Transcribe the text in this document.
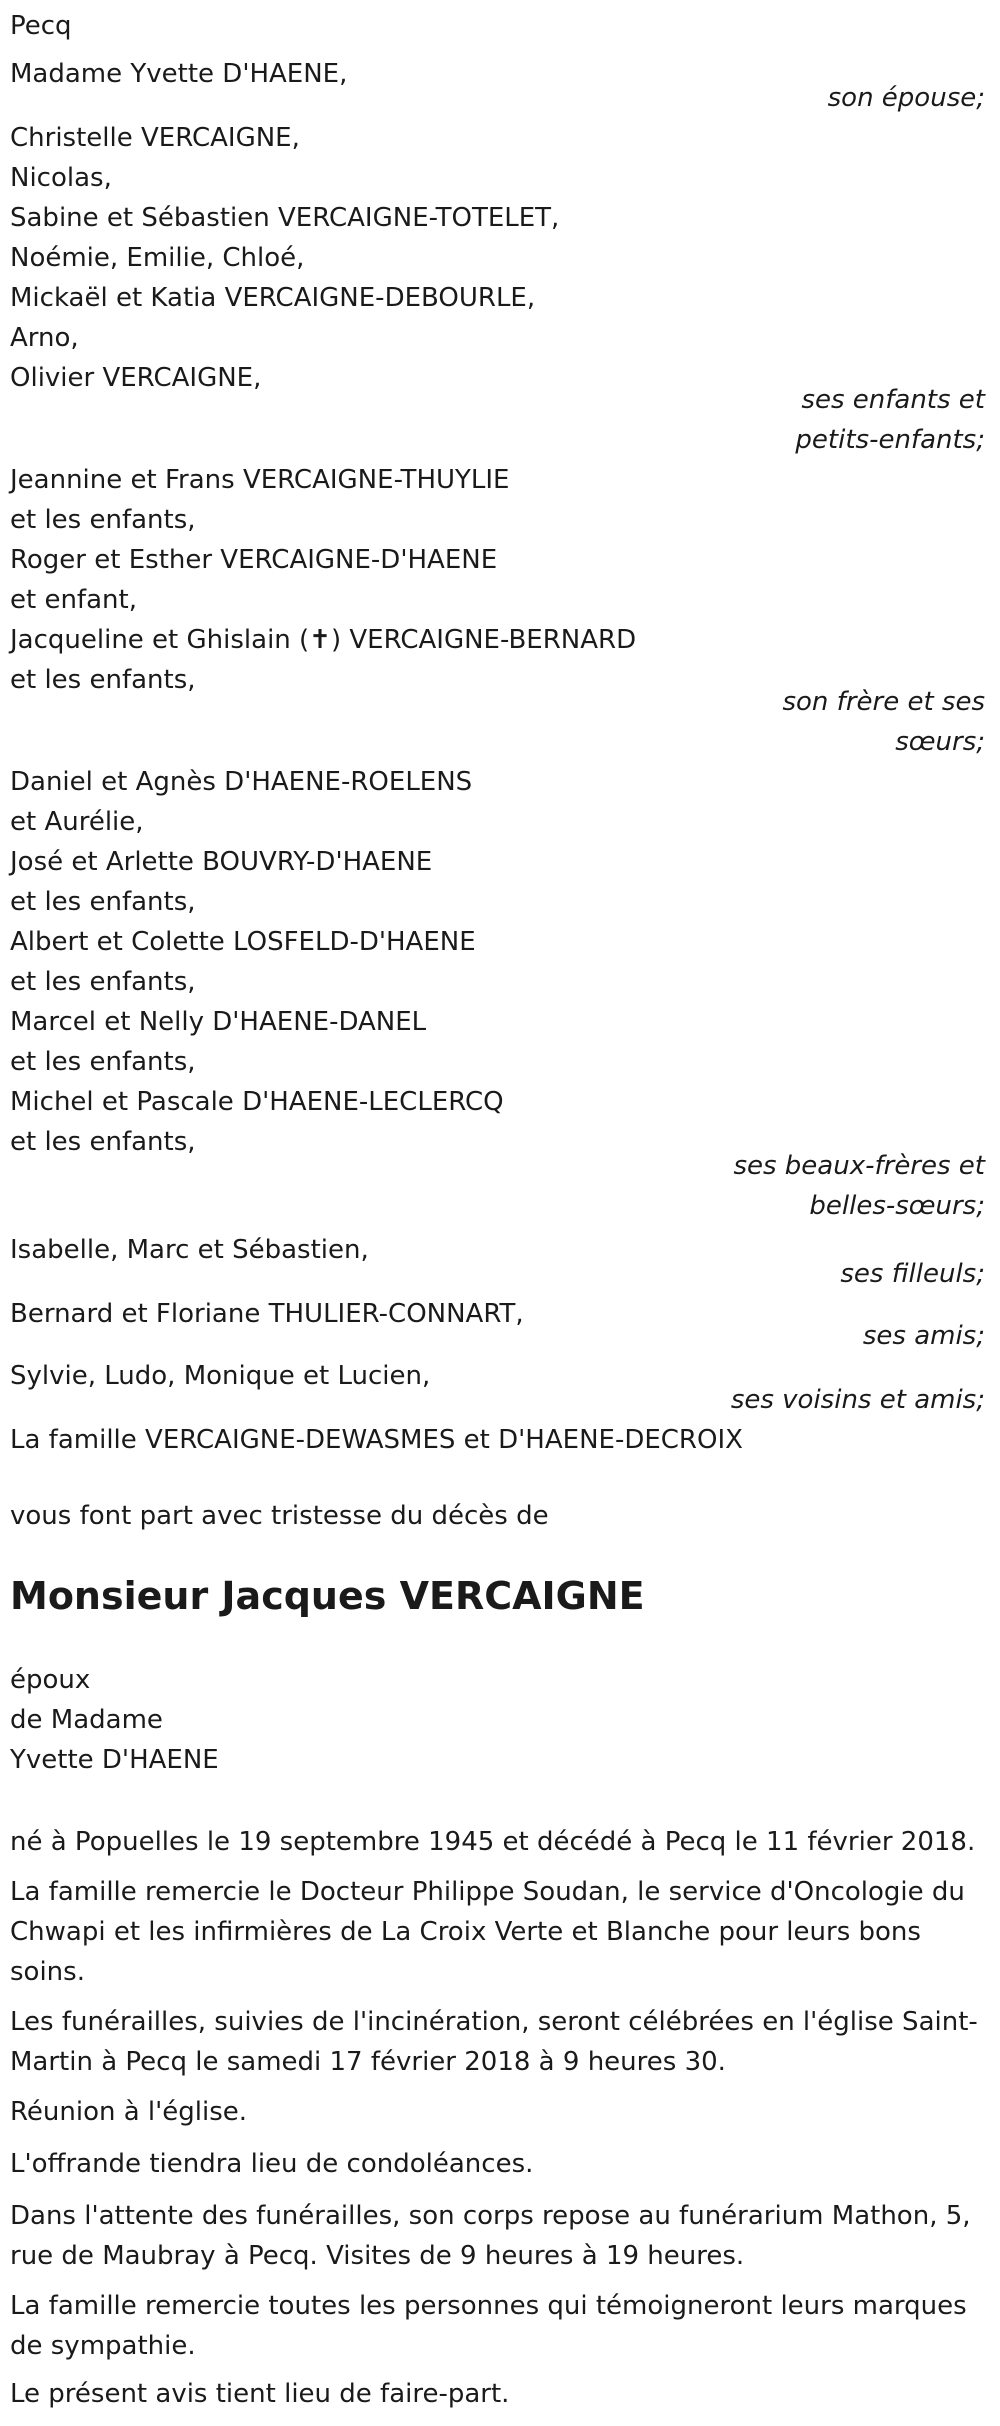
Pecq
Madame Yvette D'HAENE,
son épouse;
Christelle VERCAIGNE,
Nicolas,
Sabine et Sébastien VERCAIGNE-TOTELET,
Noémie, Emilie, Chloé,
Mickaël et Katia VERCAIGNE-DEBOURLE,
Arno,
Olivier VERCAIGNE,
ses enfants et
petits-enfants;
Jeannine et Frans VERCAIGNE-THUYLIE
et les enfants,
Roger et Esther VERCAIGNE-D'HAENE
et enfant,
Jacqueline et Ghislain (✝) VERCAIGNE-BERNARD
et les enfants,
son frère et ses
sœurs;
Daniel et Agnès D'HAENE-ROELENS
et Aurélie,
José et Arlette BOUVRY-D'HAENE
et les enfants,
Albert et Colette LOSFELD-D'HAENE
et les enfants,
Marcel et Nelly D'HAENE-DANEL
et les enfants,
Michel et Pascale D'HAENE-LECLERCQ
et les enfants,
ses beaux-frères et
belles-sœurs;
Isabelle, Marc et Sébastien,
ses filleuls;
Bernard et Floriane THULIER-CONNART,
ses amis;
Sylvie, Ludo, Monique et Lucien,
ses voisins et amis;
La famille VERCAIGNE-DEWASMES et D'HAENE-DECROIX
vous font part avec tristesse du décès de
Monsieur Jacques VERCAIGNE
époux
de Madame
Yvette D'HAENE
né à Popuelles le 19 septembre 1945 et décédé à Pecq le 11 février 2018.
La famille remercie le Docteur Philippe Soudan, le service d'Oncologie du Chwapi et les infirmières de La Croix Verte et Blanche pour leurs bons soins.
Les funérailles, suivies de l'incinération, seront célébrées en l'église Saint-Martin à Pecq le samedi 17 février 2018 à 9 heures 30.
Réunion à l'église.
L'offrande tiendra lieu de condoléances.
Dans l'attente des funérailles, son corps repose au funérarium Mathon, 5, rue de Maubray à Pecq. Visites de 9 heures à 19 heures.
La famille remercie toutes les personnes qui témoigneront leurs marques de sympathie.
Le présent avis tient lieu de faire-part.
